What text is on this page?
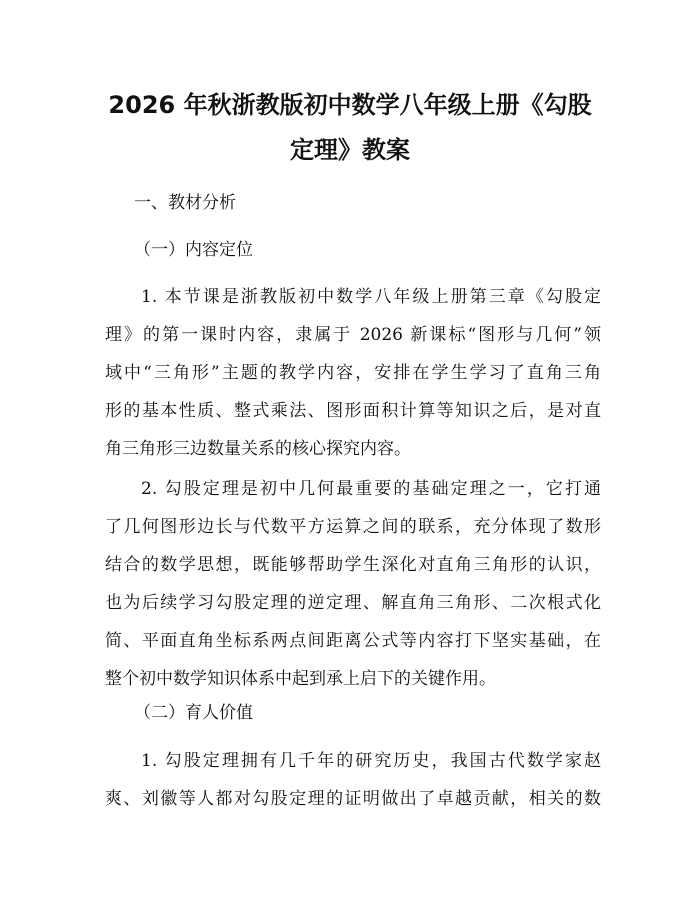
2026 年秋浙教版初中数学八年级上册《勾股
定理》教案

一、教材分析

（一）内容定位

1. 本节课是浙教版初中数学八年级上册第三章《勾股定
理》的第一课时内容，隶属于 2026 新课标“图形与几何”领
域中“三角形”主题的教学内容，安排在学生学习了直角三角
形的基本性质、整式乘法、图形面积计算等知识之后，是对直
角三角形三边数量关系的核心探究内容。
2. 勾股定理是初中几何最重要的基础定理之一，它打通
了几何图形边长与代数平方运算之间的联系，充分体现了数形
结合的数学思想，既能够帮助学生深化对直角三角形的认识，
也为后续学习勾股定理的逆定理、解直角三角形、二次根式化
简、平面直角坐标系两点间距离公式等内容打下坚实基础，在
整个初中数学知识体系中起到承上启下的关键作用。

（二）育人价值

1. 勾股定理拥有几千年的研究历史，我国古代数学家赵
爽、刘徽等人都对勾股定理的证明做出了卓越贡献，相关的数
